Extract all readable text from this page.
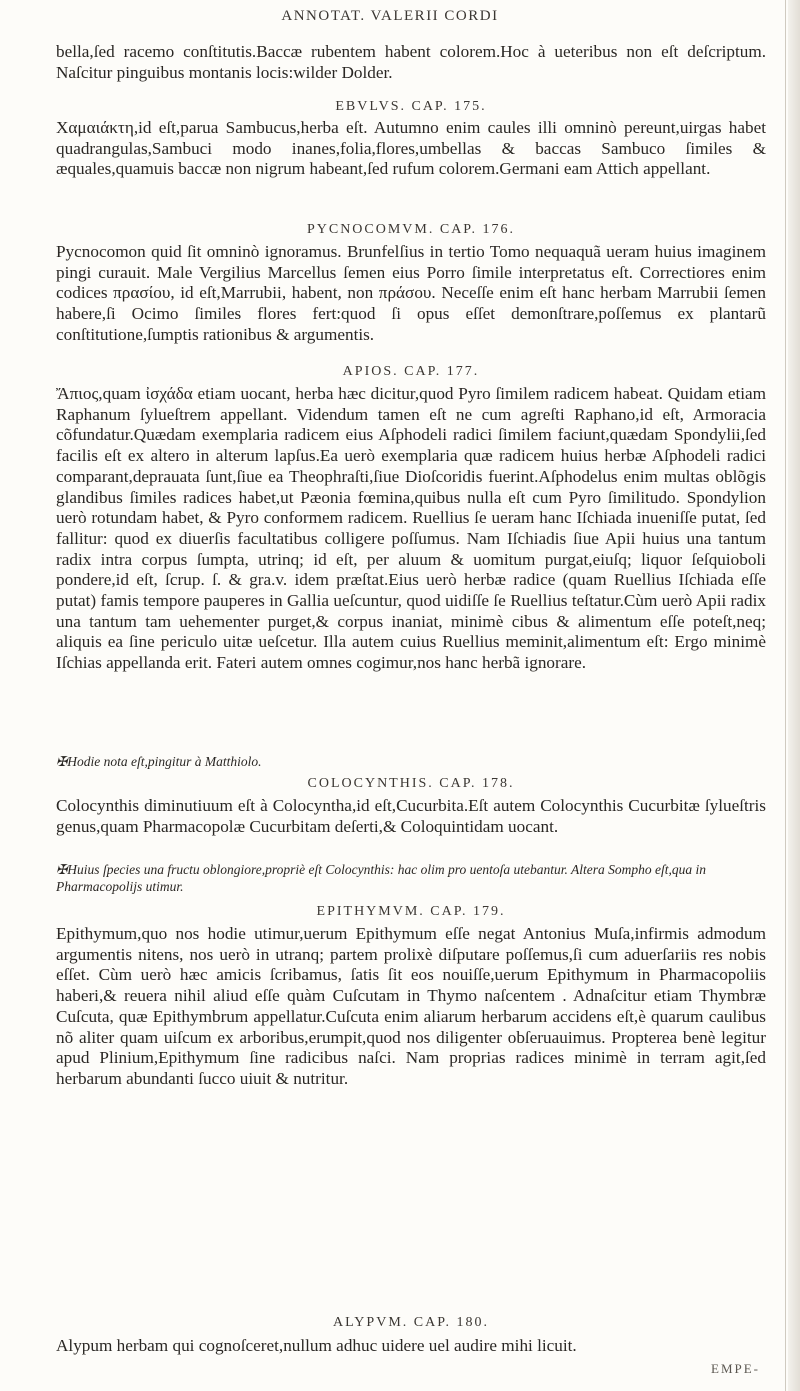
ANNOTAT. VALERII CORDI

bella,ſed racemo conſtitutis.Baccæ rubentem habent colorem.Hoc à ueteribus non eſt deſcriptum. Naſcitur pinguibus montanis locis:wilder Dolder.

EBVLVS. CAP. 175.

Χαμαιάκτη,id eſt,parua Sambucus,herba eſt. Autumno enim caules illi omninò pereunt,uirgas habet quadrangulas,Sambuci modo inanes,folia,flores,umbellas & baccas Sambuco ſimiles & æquales,quamuis baccæ non nigrum habeant,ſed rufum colorem.Germani eam Attich appellant.

PYCNOCOMVM. CAP. 176.

Pycnocomon quid ſit omninò ignoramus. Brunfelſius in tertio Tomo nequaquã ueram huius imaginem pingi curauit. Male Vergilius Marcellus ſemen eius Porro ſimile interpretatus eſt. Correctiores enim codices πρασίου, id eſt,Marrubii, habent, non πράσου. Neceſſe enim eſt hanc herbam Marrubii ſemen habere,ſi Ocimo ſimiles flores fert:quod ſi opus eſſet demonſtrare,poſſemus ex plantarũ conſtitutione,ſumptis rationibus & argumentis.

APIOS. CAP. 177.

Ἄπιος,quam ἰσχάδα etiam uocant, herba hæc dicitur,quod Pyro ſimilem radicem habeat. Quidam etiam Raphanum ſylueſtrem appellant. Videndum tamen eſt ne cum agreſti Raphano,id eſt, Armoracia cõfundatur.Quædam exemplaria radicem eius Aſphodeli radici ſimilem faciunt,quædam Spondylii,ſed facilis eſt ex altero in alterum lapſus.Ea uerò exemplaria quæ radicem huius herbæ Aſphodeli radici comparant,deprauata ſunt,ſiue ea Theophraſti,ſiue Dioſcoridis fuerint.Aſphodelus enim multas oblõgis glandibus ſimiles radices habet,ut Pæonia fœmina,quibus nulla eſt cum Pyro ſimilitudo. Spondylion uerò rotundam habet, & Pyro conformem radicem. Ruellius ſe ueram hanc Iſchiada inueniſſe putat, ſed fallitur: quod ex diuerſis facultatibus colligere poſſumus. Nam Iſchiadis ſiue Apii huius una tantum radix intra corpus ſumpta, utrinq; id eſt, per aluum & uomitum purgat,eiuſq; liquor ſeſquioboli pondere,id eſt, ſcrup. ſ. & gra.v. idem præſtat.Eius uerò herbæ radice (quam Ruellius Iſchiada eſſe putat) famis tempore pauperes in Gallia ueſcuntur, quod uidiſſe ſe Ruellius teſtatur.Cùm uerò Apii radix una tantum tam uehementer purget,& corpus inaniat, minimè cibus & alimentum eſſe poteſt,neq; aliquis ea ſine periculo uitæ ueſcetur. Illa autem cuius Ruellius meminit,alimentum eſt: Ergo minimè Iſchias appellanda erit. Fateri autem omnes cogimur,nos hanc herbã ignorare.

✠Hodie nota eſt,pingitur à Matthiolo.

COLOCYNTHIS. CAP. 178.

Colocynthis diminutiuum eſt à Colocyntha,id eſt,Cucurbita.Eſt autem Colocynthis Cucurbitæ ſylueſtris genus,quam Pharmacopolæ Cucurbitam deſerti,& Coloquintidam uocant.

✠Huius ſpecies una fructu oblongiore,propriè eſt Colocynthis: hac olim pro uentoſa utebantur. Altera Sompho eſt,qua in Pharmacopolijs utimur.

EPITHYMVM. CAP. 179.

Epithymum,quo nos hodie utimur,uerum Epithymum eſſe negat Antonius Muſa,infirmis admodum argumentis nitens, nos uerò in utranq; partem prolixè diſputare poſſemus,ſi cum aduerſariis res nobis eſſet. Cùm uerò hæc amicis ſcribamus, ſatis ſit eos nouiſſe,uerum Epithymum in Pharmacopoliis haberi,& reuera nihil aliud eſſe quàm Cuſcutam in Thymo naſcentem . Adnaſcitur etiam Thymbræ Cuſcuta, quæ Epithymbrum appellatur.Cuſcuta enim aliarum herbarum accidens eſt,è quarum caulibus nõ aliter quam uiſcum ex arboribus,erumpit,quod nos diligenter obſeruauimus. Propterea benè legitur apud Plinium,Epithymum ſine radicibus naſci. Nam proprias radices minimè in terram agit,ſed herbarum abundanti ſucco uiuit & nutritur.

ALYPVM. CAP. 180.

Alypum herbam qui cognoſceret,nullum adhuc uidere uel audire mihi licuit.

EMPE-
